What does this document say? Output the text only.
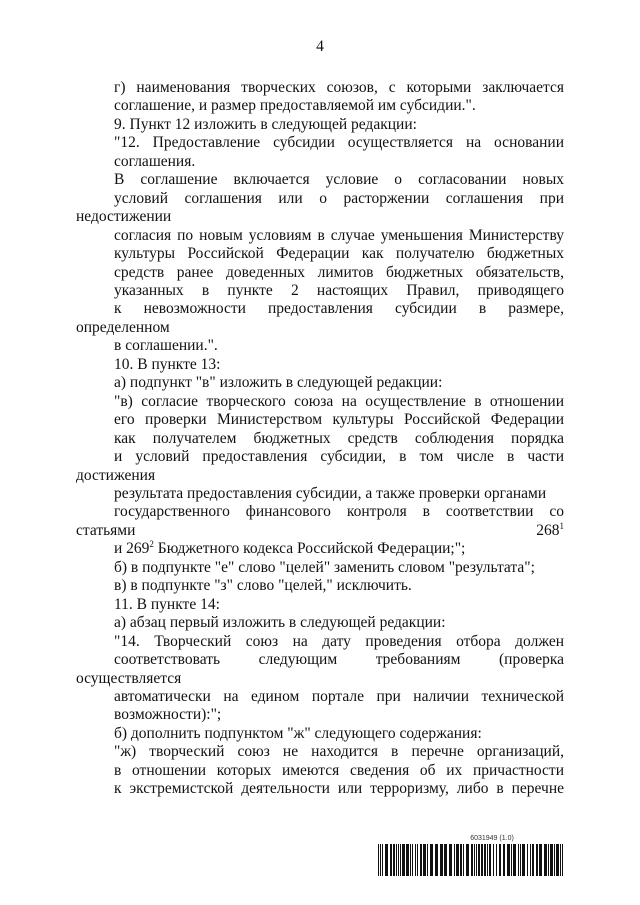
4
г) наименования творческих союзов, с которыми заключается
соглашение, и размер предоставляемой им субсидии.".
9. Пункт 12 изложить в следующей редакции:
"12. Предоставление субсидии осуществляется на основании
соглашения.
В соглашение включается условие о согласовании новых
условий соглашения или о расторжении соглашения при недостижении
согласия по новым условиям в случае уменьшения Министерству
культуры Российской Федерации как получателю бюджетных
средств ранее доведенных лимитов бюджетных обязательств,
указанных в пункте 2 настоящих Правил, приводящего
к невозможности предоставления субсидии в размере, определенном
в соглашении.".
10. В пункте 13:
а) подпункт "в" изложить в следующей редакции:
"в) согласие творческого союза на осуществление в отношении
его проверки Министерством культуры Российской Федерации
как получателем бюджетных средств соблюдения порядка
и условий предоставления субсидии, в том числе в части достижения
результата предоставления субсидии, а также проверки органами
государственного финансового контроля в соответствии со статьями $268^1$
и $269^2$ Бюджетного кодекса Российской Федерации;";
б) в подпункте "е" слово "целей" заменить словом "результата";
в) в подпункте "з" слово "целей," исключить.
11. В пункте 14:
а) абзац первый изложить в следующей редакции:
"14. Творческий союз на дату проведения отбора должен
соответствовать следующим требованиям (проверка осуществляется
автоматически на едином портале при наличии технической
возможности):";
б) дополнить подпунктом "ж" следующего содержания:
"ж) творческий союз не находится в перечне организаций,
в отношении которых имеются сведения об их причастности
к экстремистской деятельности или терроризму, либо в перечне
6031949 (1.0)
